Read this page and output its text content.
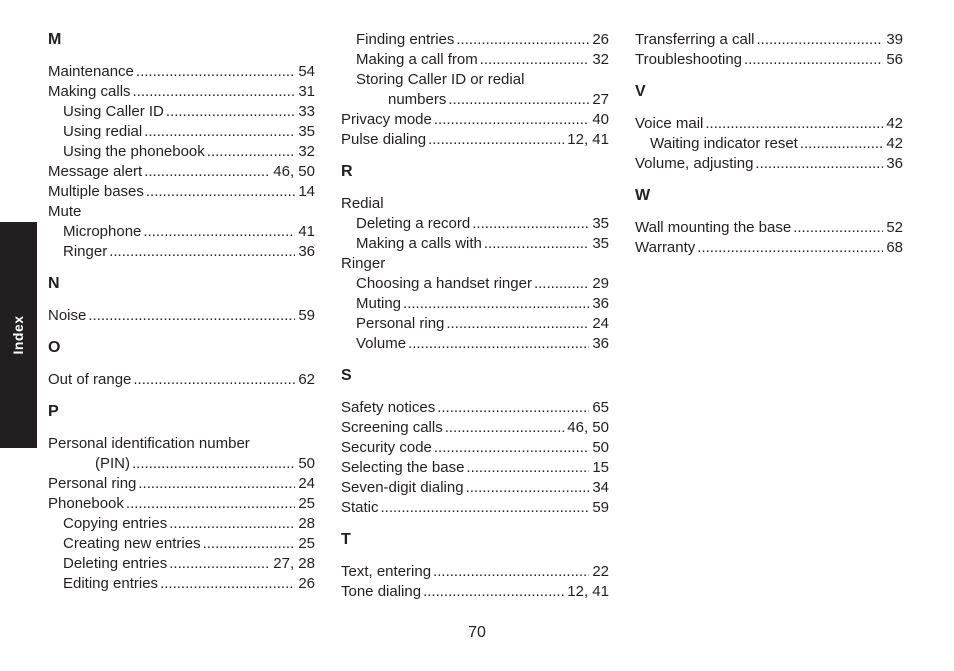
Index
M
Maintenance .....	54
Making calls .....	31
Using Caller ID .....	33
Using redial .....	35
Using the phonebook .....	32
Message alert .....	46, 50
Multiple bases .....	14
Mute
Microphone .....	41
Ringer .....	36
N
Noise .....	59
O
Out of range .....	62
P
Personal identification number
(PIN) .....	50
Personal ring .....	24
Phonebook .....	25
Copying entries .....	28
Creating new entries .....	25
Deleting entries .....	27, 28
Editing entries .....	26
Finding entries .....	26
Making a call from .....	32
Storing Caller ID or redial
numbers .....	27
Privacy mode .....	40
Pulse dialing .....	12, 41
R
Redial
Deleting a record .....	35
Making a calls with .....	35
Ringer
Choosing a handset ringer .....	29
Muting .....	36
Personal ring .....	24
Volume .....	36
S
Safety notices .....	65
Screening calls .....	46, 50
Security code .....	50
Selecting the base .....	15
Seven-digit dialing .....	34
Static .....	59
T
Text, entering .....	22
Tone dialing .....	12, 41
Transferring a call .....	39
Troubleshooting .....	56
V
Voice mail .....	42
Waiting indicator reset .....	42
Volume, adjusting .....	36
W
Wall mounting the base .....	52
Warranty .....	68
70
